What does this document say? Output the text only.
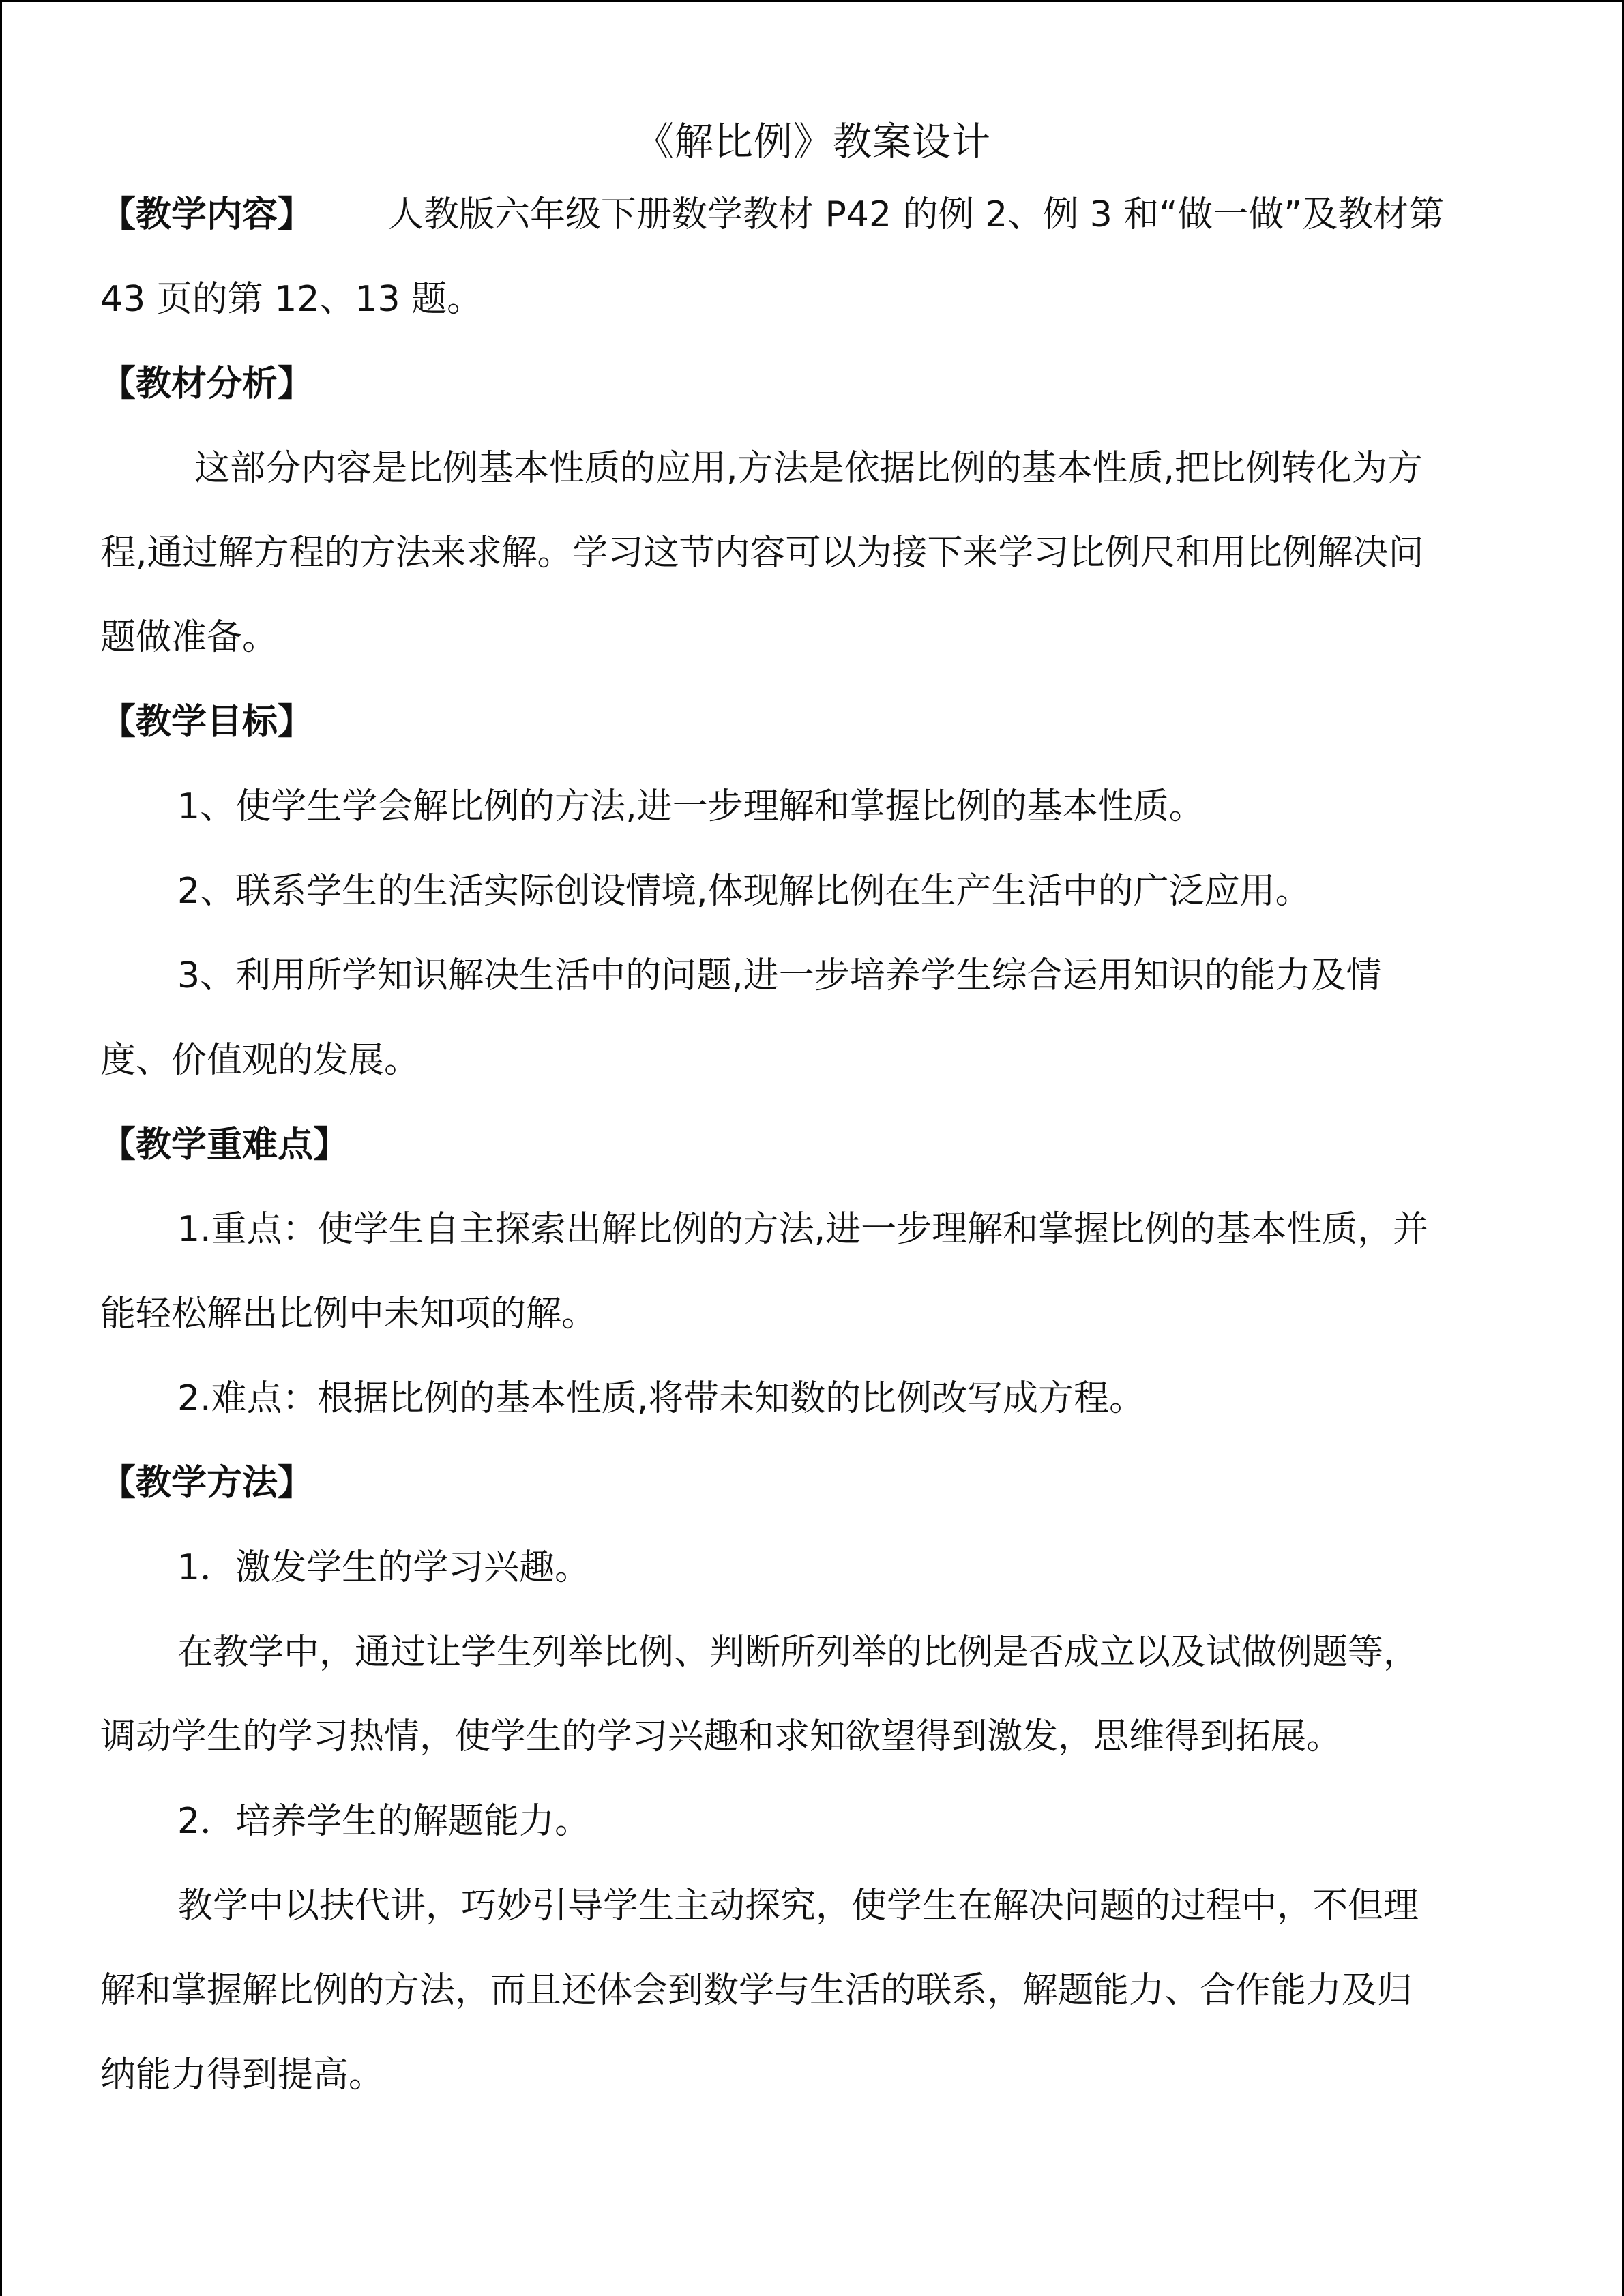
《解比例》教案设计

【教学内容】 人教版六年级下册数学教材 P42 的例 2、例 3 和“做一做”及教材第

43 页的第 12、13 题。

【教材分析】

这部分内容是比例基本性质的应用,方法是依据比例的基本性质,把比例转化为方

程,通过解方程的方法来求解。学习这节内容可以为接下来学习比例尺和用比例解决问

题做准备。

【教学目标】

1、使学生学会解比例的方法,进一步理解和掌握比例的基本性质。

2、联系学生的生活实际创设情境,体现解比例在生产生活中的广泛应用。

3、利用所学知识解决生活中的问题,进一步培养学生综合运用知识的能力及情

度、价值观的发展。

【教学重难点】

1.重点：使学生自主探索出解比例的方法,进一步理解和掌握比例的基本性质，并

能轻松解出比例中未知项的解。

2.难点：根据比例的基本性质,将带未知数的比例改写成方程。

【教学方法】

1．激发学生的学习兴趣。

在教学中，通过让学生列举比例、判断所列举的比例是否成立以及试做例题等，

调动学生的学习热情，使学生的学习兴趣和求知欲望得到激发，思维得到拓展。

2．培养学生的解题能力。

教学中以扶代讲，巧妙引导学生主动探究，使学生在解决问题的过程中，不但理

解和掌握解比例的方法，而且还体会到数学与生活的联系，解题能力、合作能力及归

纳能力得到提高。
